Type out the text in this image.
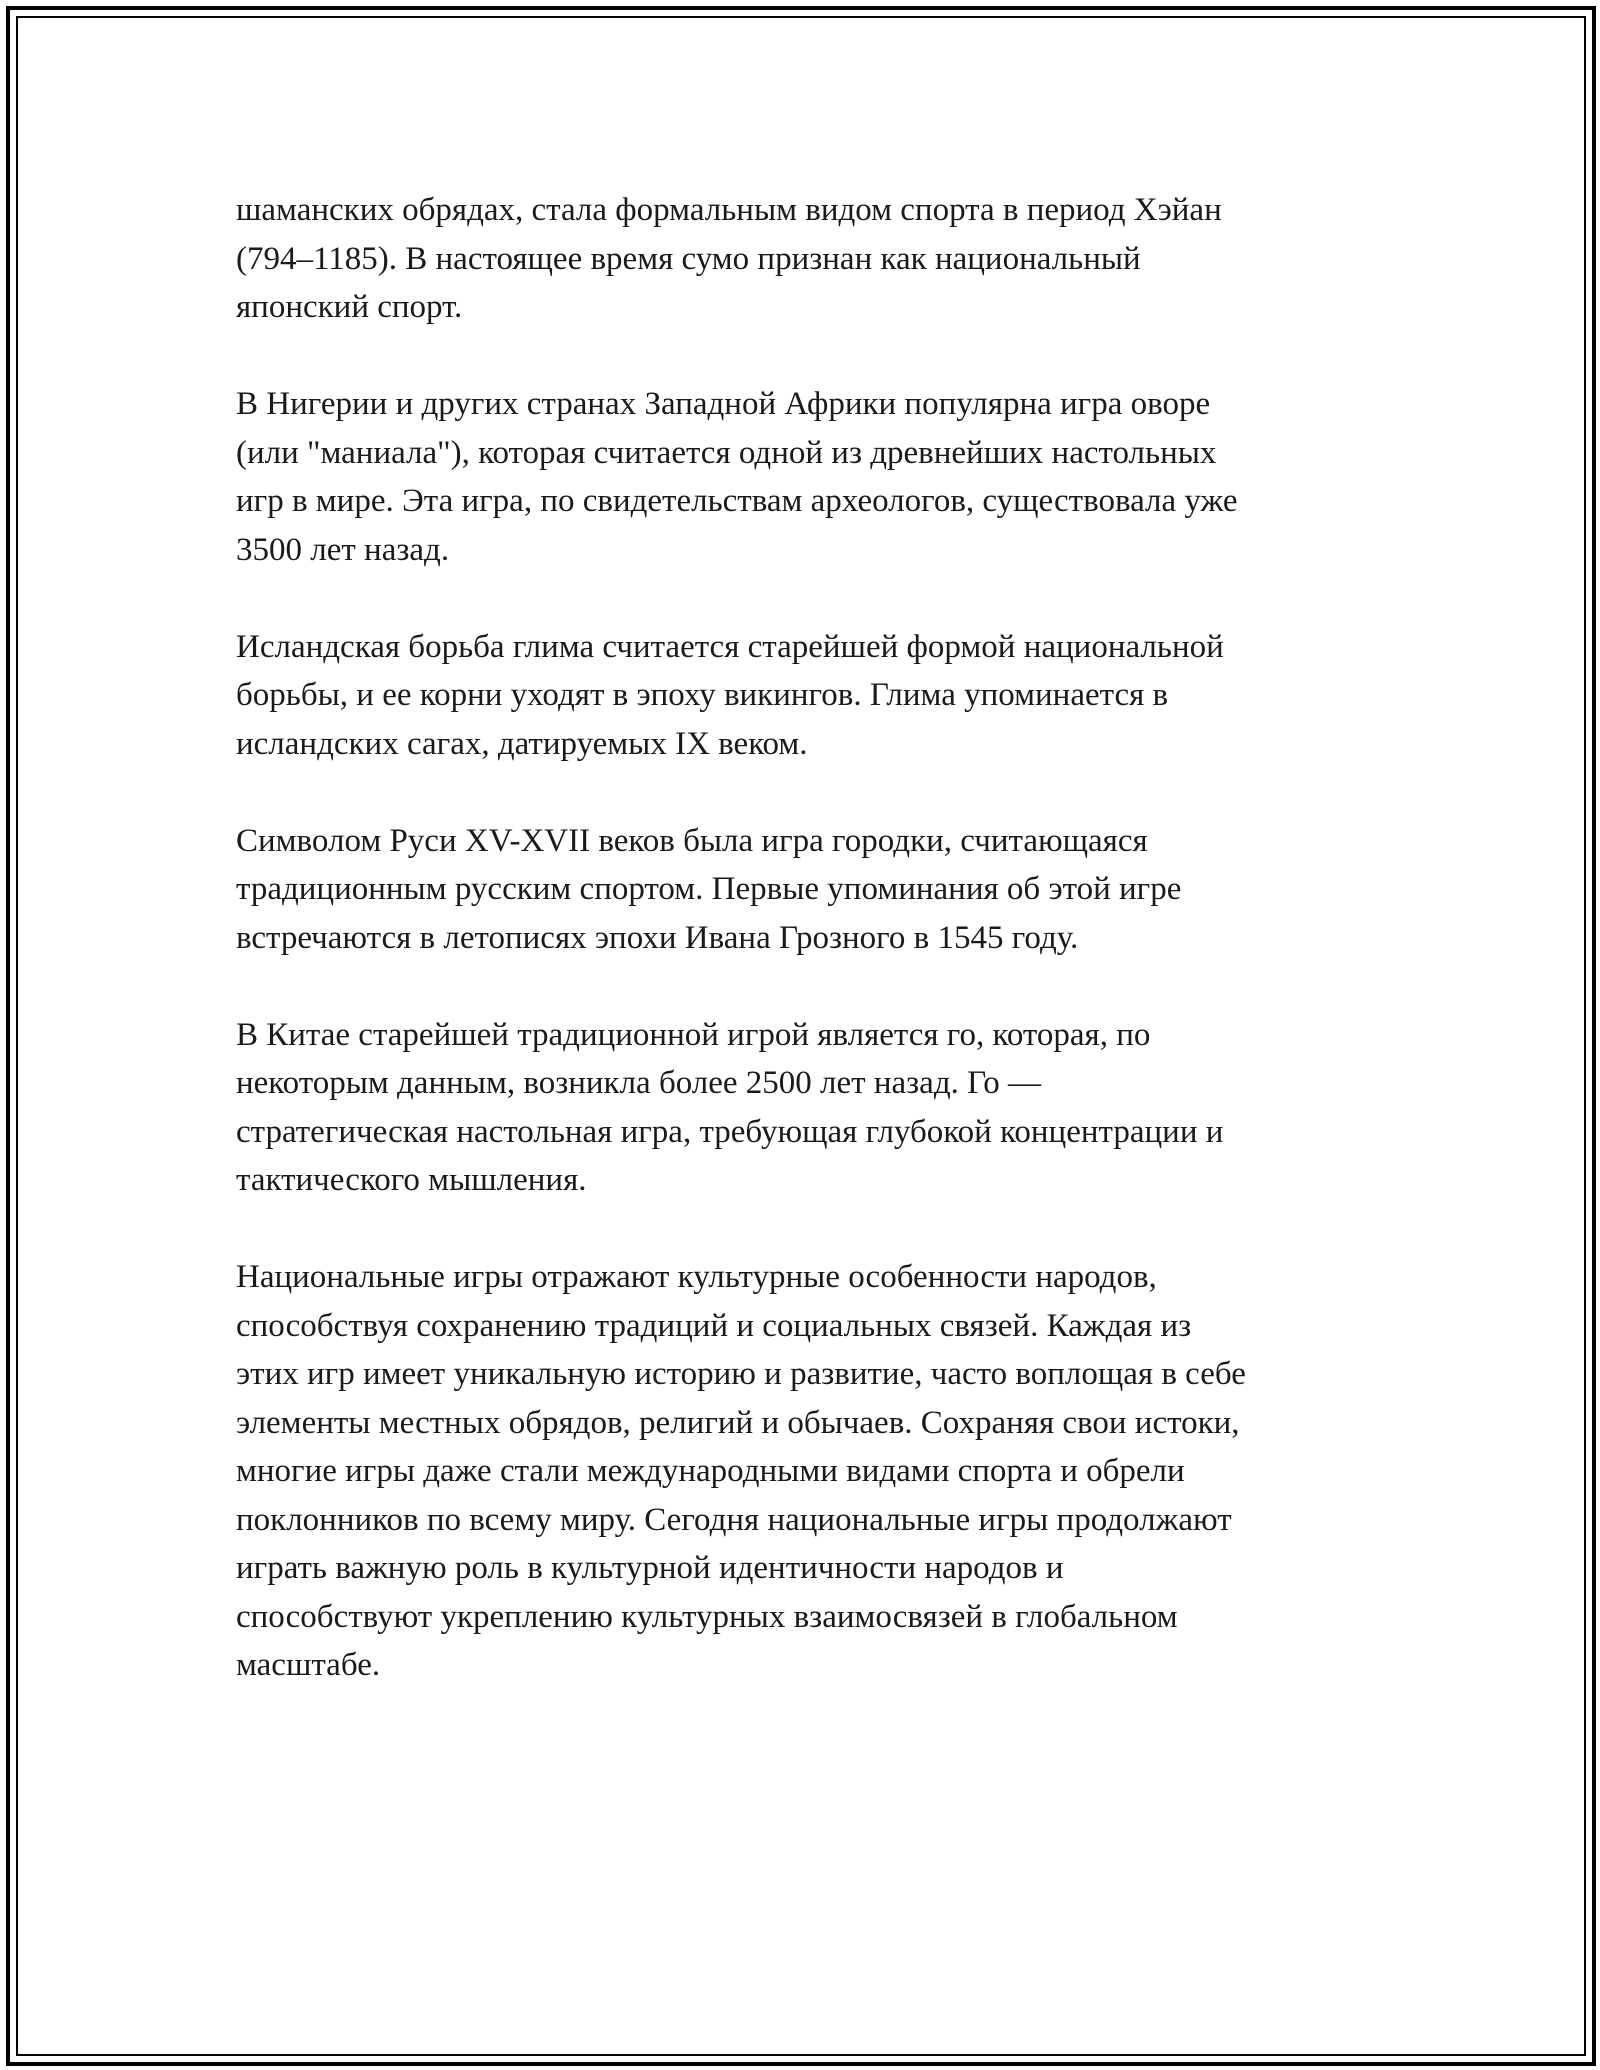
шаманских обрядах, стала формальным видом спорта в период Хэйан
(794–1185). В настоящее время сумо признан как национальный
японский спорт.

В Нигерии и других странах Западной Африки популярна игра оворе
(или "маниала"), которая считается одной из древнейших настольных
игр в мире. Эта игра, по свидетельствам археологов, существовала уже
3500 лет назад.

Исландская борьба глима считается старейшей формой национальной
борьбы, и ее корни уходят в эпоху викингов. Глима упоминается в
исландских сагах, датируемых IX веком.

Символом Руси XV-XVII веков была игра городки, считающаяся
традиционным русским спортом. Первые упоминания об этой игре
встречаются в летописях эпохи Ивана Грозного в 1545 году.

В Китае старейшей традиционной игрой является го, которая, по
некоторым данным, возникла более 2500 лет назад. Го —
стратегическая настольная игра, требующая глубокой концентрации и
тактического мышления.

Национальные игры отражают культурные особенности народов,
способствуя сохранению традиций и социальных связей. Каждая из
этих игр имеет уникальную историю и развитие, часто воплощая в себе
элементы местных обрядов, религий и обычаев. Сохраняя свои истоки,
многие игры даже стали международными видами спорта и обрели
поклонников по всему миру. Сегодня национальные игры продолжают
играть важную роль в культурной идентичности народов и
способствуют укреплению культурных взаимосвязей в глобальном
масштабе.
